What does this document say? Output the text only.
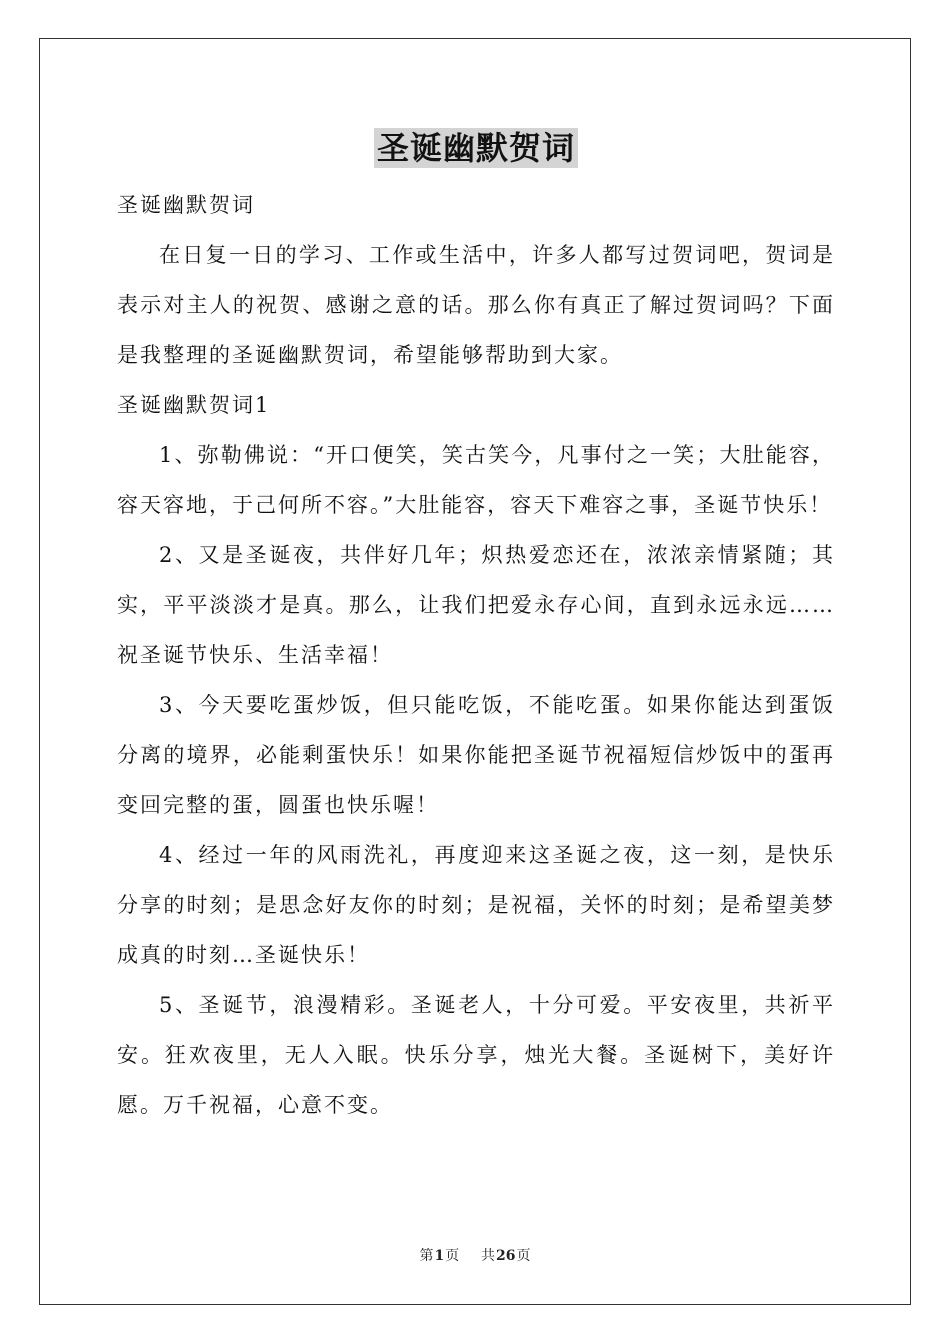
圣诞幽默贺词
圣诞幽默贺词
在日复一日的学习、工作或生活中，许多人都写过贺词吧，贺词是表示对主人的祝贺、感谢之意的话。那么你有真正了解过贺词吗？下面是我整理的圣诞幽默贺词，希望能够帮助到大家。
圣诞幽默贺词1
1、弥勒佛说：“开口便笑，笑古笑今，凡事付之一笑；大肚能容，容天容地，于己何所不容。”大肚能容，容天下难容之事，圣诞节快乐！
2、又是圣诞夜，共伴好几年；炽热爱恋还在，浓浓亲情紧随；其实，平平淡淡才是真。那么，让我们把爱永存心间，直到永远永远……祝圣诞节快乐、生活幸福！
3、今天要吃蛋炒饭，但只能吃饭，不能吃蛋。如果你能达到蛋饭分离的境界，必能剩蛋快乐！如果你能把圣诞节祝福短信炒饭中的蛋再变回完整的蛋，圆蛋也快乐喔！
4、经过一年的风雨洗礼，再度迎来这圣诞之夜，这一刻，是快乐分享的时刻；是思念好友你的时刻；是祝福，关怀的时刻；是希望美梦成真的时刻…圣诞快乐！
5、圣诞节，浪漫精彩。圣诞老人，十分可爱。平安夜里，共祈平安。狂欢夜里，无人入眠。快乐分享，烛光大餐。圣诞树下，美好许愿。万千祝福，心意不变。
第1页 共26页
